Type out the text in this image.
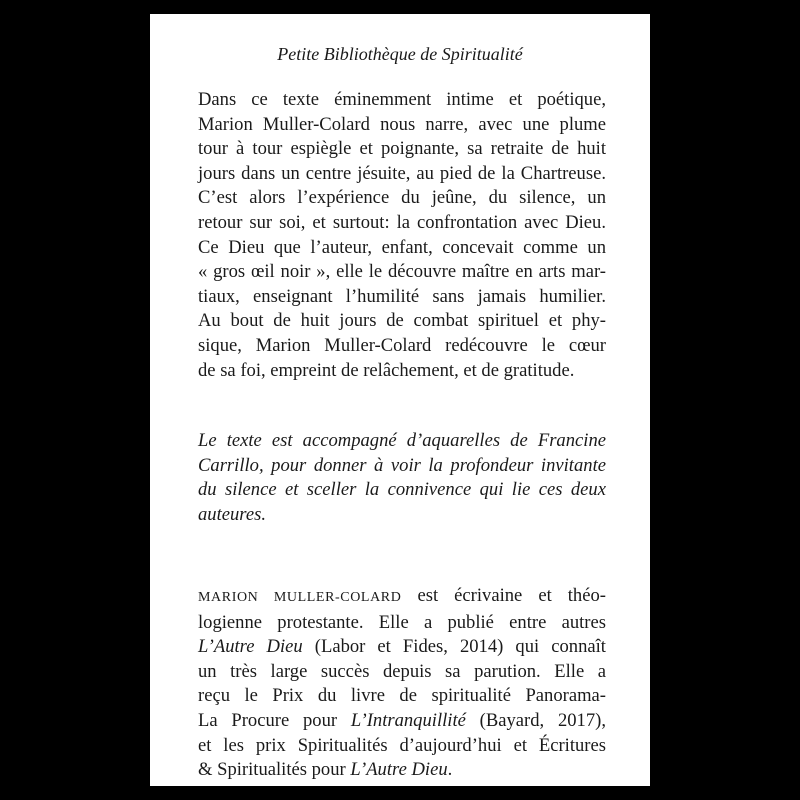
Petite Bibliothèque de Spiritualité
Dans ce texte éminemment intime et poétique,
Marion Muller-Colard nous narre, avec une plume
tour à tour espiègle et poignante, sa retraite de huit
jours dans un centre jésuite, au pied de la Chartreuse.
C’est alors l’expérience du jeûne, du silence, un
retour sur soi, et surtout: la confrontation avec Dieu.
Ce Dieu que l’auteur, enfant, concevait comme un
« gros œil noir », elle le découvre maître en arts mar-
tiaux, enseignant l’humilité sans jamais humilier.
Au bout de huit jours de combat spirituel et phy-
sique, Marion Muller-Colard redécouvre le cœur
de sa foi, empreint de relâchement, et de gratitude.
Le texte est accompagné d’aquarelles de Francine
Carrillo, pour donner à voir la profondeur invitante
du silence et sceller la connivence qui lie ces deux
auteures.
MARION MULLER-COLARD est écrivaine et théo-
logienne protestante. Elle a publié entre autres
L’Autre Dieu (Labor et Fides, 2014) qui connaît
un très large succès depuis sa parution. Elle a
reçu le Prix du livre de spiritualité Panorama-
La Procure pour L’Intranquillité (Bayard, 2017),
et les prix Spiritualités d’aujourd’hui et Écritures
& Spiritualités pour L’Autre Dieu.
